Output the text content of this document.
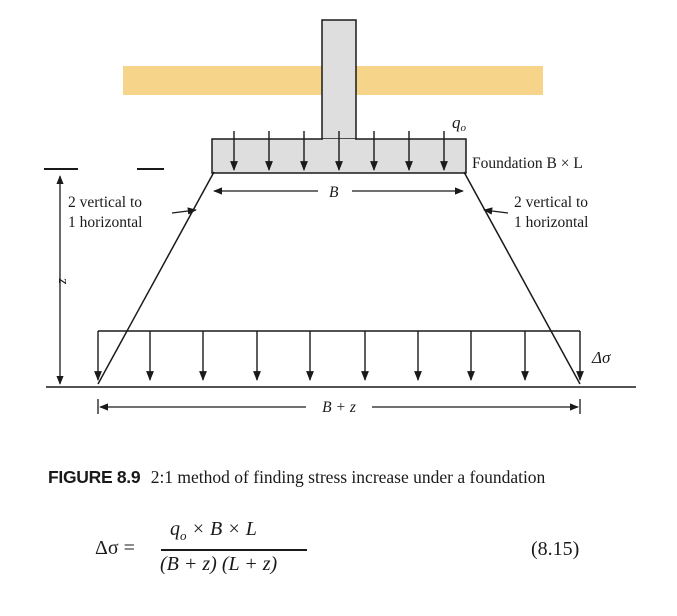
qo
Foundation B × L
B
z
2 vertical to
1 horizontal
2 vertical to
1 horizontal
Δσ
B + z
FIGURE 8.9 2:1 method of finding stress increase under a foundation
Δσ =
$q_o \times B \times L$
(B + z) (L + z)
(8.15)
